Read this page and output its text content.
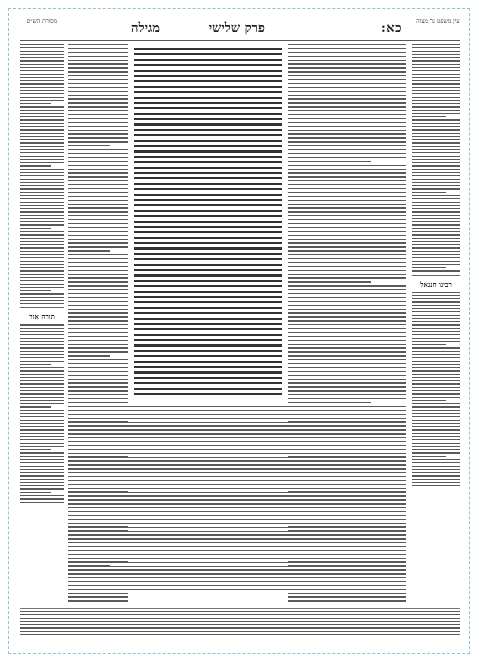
עין משפט נר מצוה
כא:
פרק שלישי
מגילה
מסורת הש״ס
רבינו חננאל
תורה אור
